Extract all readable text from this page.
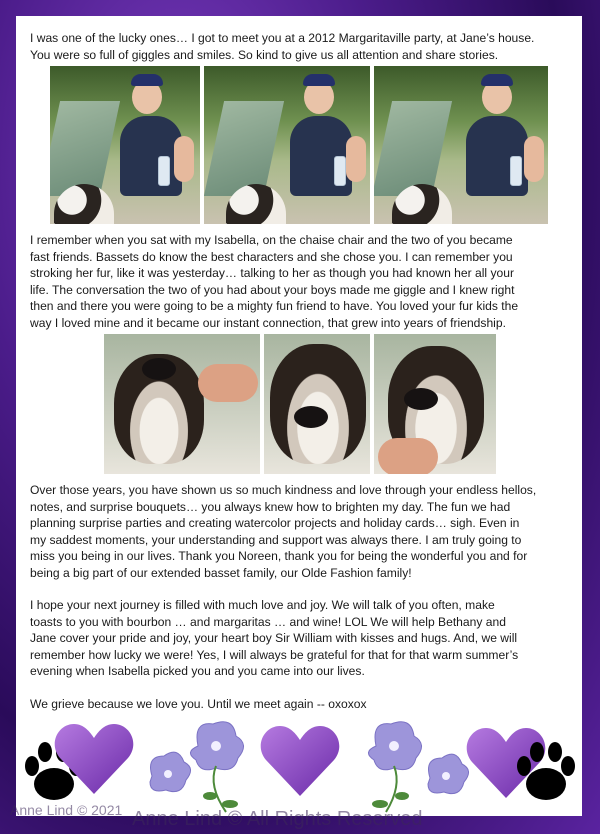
I was one of the lucky ones… I got to meet you at a 2012 Margaritaville party, at Jane’s house.
You were so full of giggles and smiles. So kind to give us all attention and share stories.
I remember when you sat with my Isabella, on the chaise chair and the two of you became
fast friends. Bassets do know the best characters and she chose you. I can remember you
stroking her fur, like it was yesterday… talking to her as though you had known her all your
life. The conversation the two of you had about your boys made me giggle and I knew right
then and there you were going to be a mighty fun friend to have. You loved your fur kids the
way I loved mine and it became our instant connection, that grew into years of friendship.
Over those years, you have shown us so much kindness and love through your endless hellos,
notes, and surprise bouquets… you always knew how to brighten my day. The fun we had
planning surprise parties and creating watercolor projects and holiday cards… sigh. Even in
my saddest moments, your understanding and support was always there. I am truly going to
miss you being in our lives. Thank you Noreen, thank you for being the wonderful you and for
being a big part of our extended basset family, our Olde Fashion family!
I hope your next journey is filled with much love and joy. We will talk of you often, make
toasts to you with bourbon … and margaritas … and wine! LOL We will help Bethany and
Jane cover your pride and joy, your heart boy Sir William with kisses and hugs. And, we will
remember how lucky we were! Yes, I will always be grateful for that for that warm summer’s
evening when Isabella picked you and you came into our lives.
We grieve because we love you. Until we meet again -- oxoxox
Anne Lind © 2021 Anne Lind © All Rights Reserved
